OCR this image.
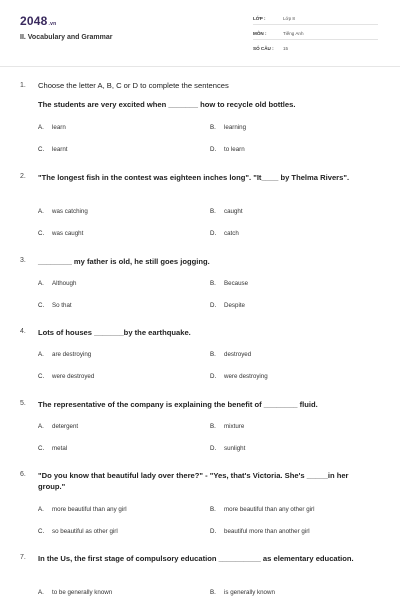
2048.vn
II. Vocabulary and Grammar
LỚP :	Lớp 8
MÔN :	Tiếng Anh
SỐ CÂU :	15
1. Choose the letter A, B, C or D to complete the sentences
The students are very excited when _______ how to recycle old bottles.
A. learn	B. learning
C. learnt	D. to learn
2. "The longest fish in the contest was eighteen inches long". "It____ by Thelma Rivers".
A. was catching	B. caught
C. was caught	D. catch
3. ________ my father is old, he still goes jogging.
A. Although	B. Because
C. So that	D. Despite
4. Lots of houses _______by the earthquake.
A. are destroying	B. destroyed
C. were destroyed	D. were destroying
5. The representative of the company is explaining the benefit of ________ fluid.
A. detergent	B. mixture
C. metal	D. sunlight
6. "Do you know that beautiful lady over there?" - "Yes, that's Victoria. She's _____in her group."
A. more beautiful than any girl	B. more beautiful than any other girl
C. so beautiful as other girl	D. beautiful more than another girl
7. In the Us, the first stage of compulsory education __________ as elementary education.
A. to be generally known	B. is generally known
